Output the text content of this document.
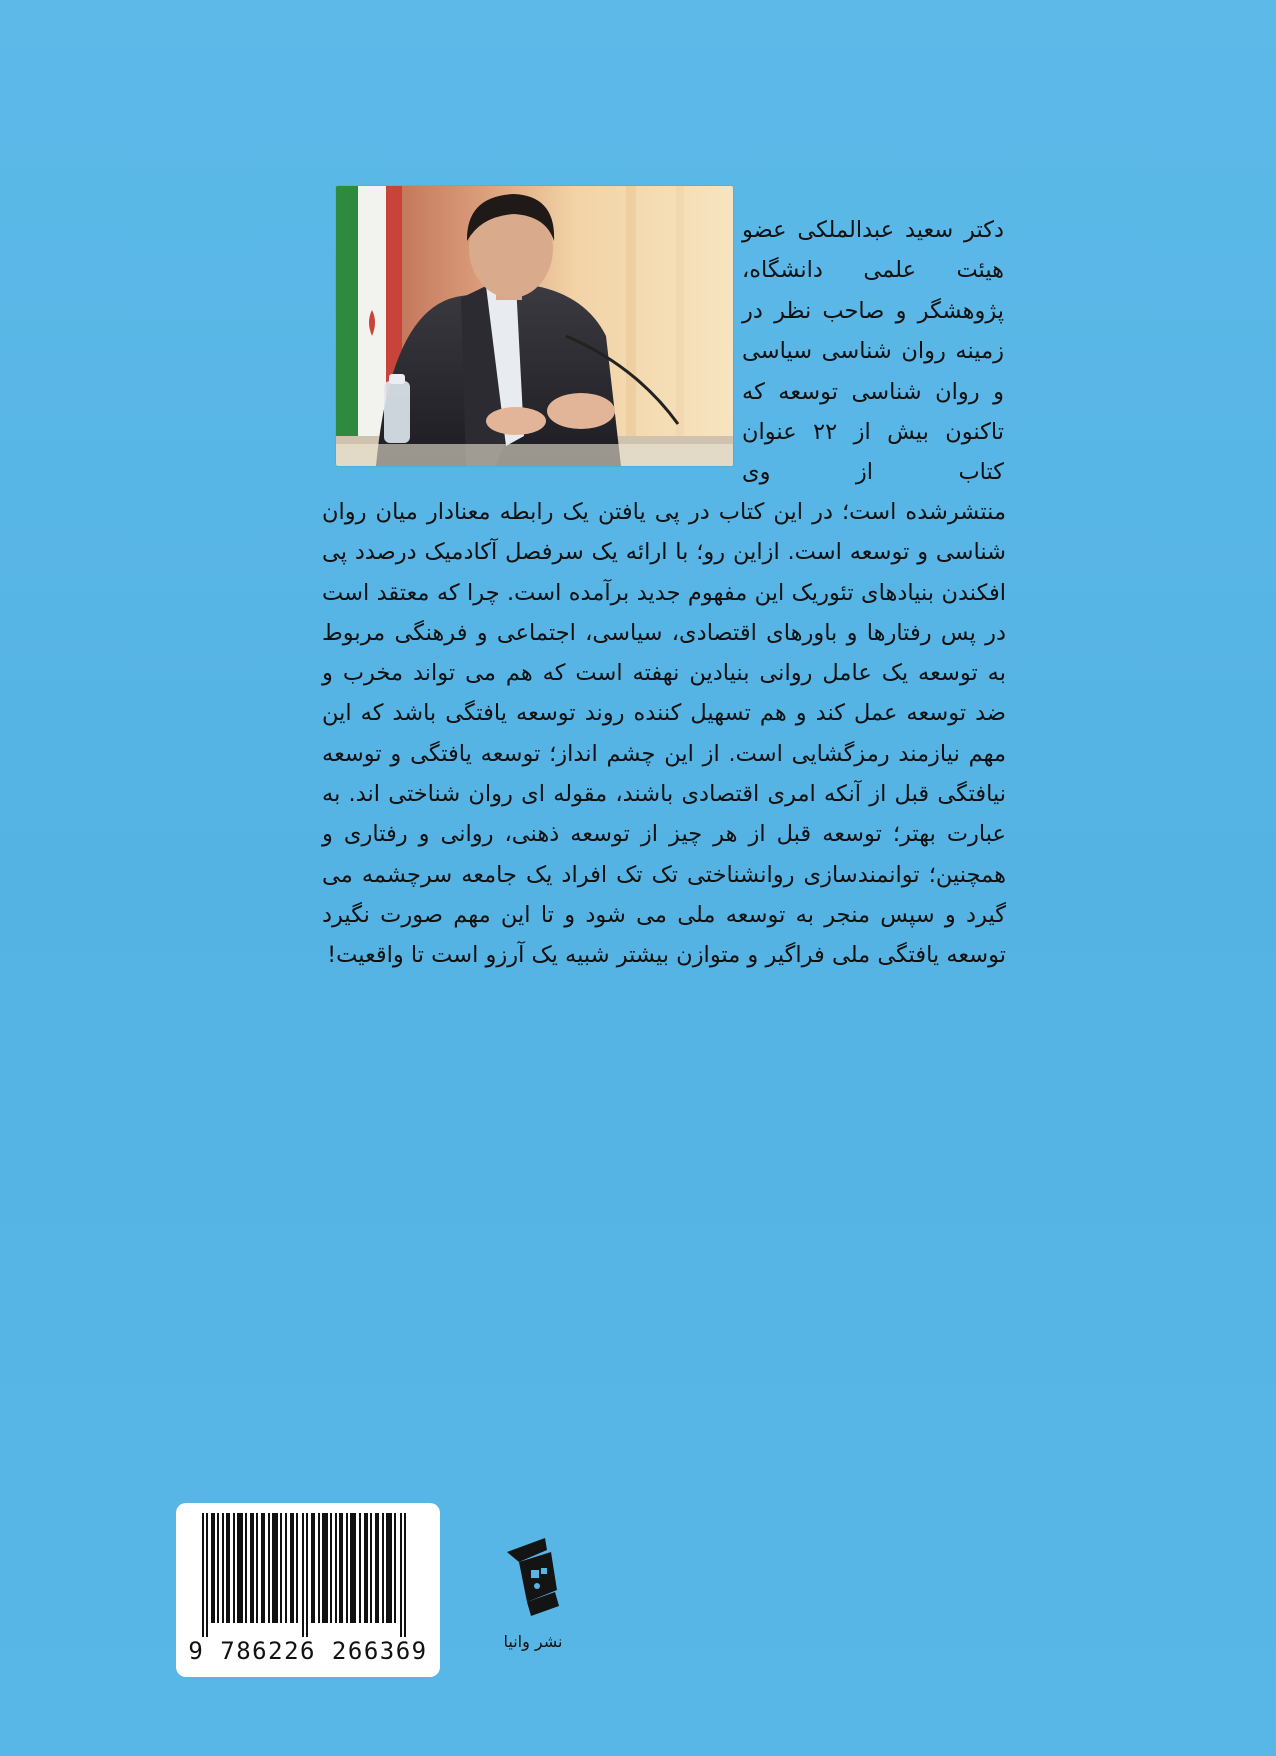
دکتر سعید عبدالملکی عضو هیئت علمی دانشگاه، پژوهشگر و صاحب نظر در زمینه روان شناسی سیاسی و روان شناسی توسعه که تاکنون بیش از ۲۲ عنوان کتاب از وی

منتشرشده است؛ در این کتاب در پی یافتن یک رابطه معنادار میان روان شناسی و توسعه است. ازاین رو؛ با ارائه یک سرفصل آکادمیک درصدد پی افکندن بنیادهای تئوریک این مفهوم جدید برآمده است. چرا که معتقد است در پس رفتارها و باورهای اقتصادی، سیاسی، اجتماعی و فرهنگی مربوط به توسعه یک عامل روانی بنیادین نهفته است که هم می تواند مخرب و ضد توسعه عمل کند و هم تسهیل کننده روند توسعه یافتگی باشد که این مهم نیازمند رمزگشایی است. از این چشم انداز؛ توسعه یافتگی و توسعه نیافتگی قبل از آنکه امری اقتصادی باشند، مقوله ای روان شناختی اند. به عبارت بهتر؛ توسعه قبل از هر چیز از توسعه ذهنی، روانی و رفتاری و همچنین؛ توانمندسازی روانشناختی تک تک افراد یک جامعه سرچشمه می گیرد و سپس منجر به توسعه ملی می شود و تا این مهم صورت نگیرد توسعه یافتگی ملی فراگیر و متوازن بیشتر شبیه یک آرزو است تا واقعیت!

9 786226 266369	نشر وانیا
